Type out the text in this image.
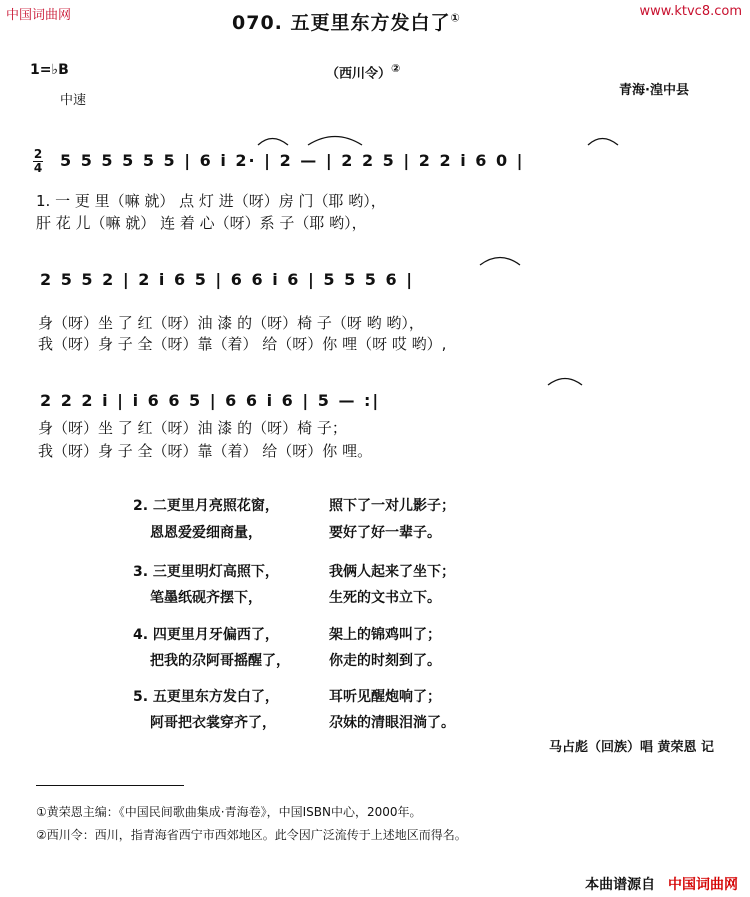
中国词曲网	www.ktvc8.com
070. 五更里东方发白了①
（西川令）②
1=♭B
中速
青海·湟中县
2
4 5 5 5 5 5 5 | 6 i 2· | 2 — | 2 2 5 | 2 2 i 6 0 |
2 5 5 2 | 2 i 6 5 | 6 6 i 6 | 5 5 5 6 |
2 2 2 i | i 6 6 5 | 6 6 i 6 | 5 — :|
1. 一 更 里（嘛 就） 点 灯 进（呀）房 门（耶 哟），
肝 花 儿（嘛 就） 连 着 心（呀）系 子（耶 哟），
身（呀）坐 了 红（呀）油 漆 的（呀）椅 子（呀 哟 哟），
我（呀）身 子 全（呀）靠（着） 给（呀）你 哩（呀 哎 哟）,
身（呀）坐 了 红（呀）油 漆 的（呀）椅 子；
我（呀）身 子 全（呀）靠（着） 给（呀）你 哩。
2. 二更里月亮照花窗，	照下了一对儿影子；
恩恩爱爱细商量，	要好了好一辈子。
3. 三更里明灯高照下，	我俩人起来了坐下；
笔墨纸砚齐摆下，	生死的文书立下。
4. 四更里月牙偏西了，	架上的锦鸡叫了；
把我的尕阿哥摇醒了，	你走的时刻到了。
5. 五更里东方发白了，	耳听见醒炮响了；
阿哥把衣裳穿齐了，	尕妹的清眼泪淌了。
马占彪（回族）唱 黄荣恩 记
①黄荣恩主编：《中国民间歌曲集成·青海卷》，中国ISBN中心，2000年。
②西川令：西川，指青海省西宁市西郊地区。此令因广泛流传于上述地区而得名。
本曲谱源自 中国词曲网
